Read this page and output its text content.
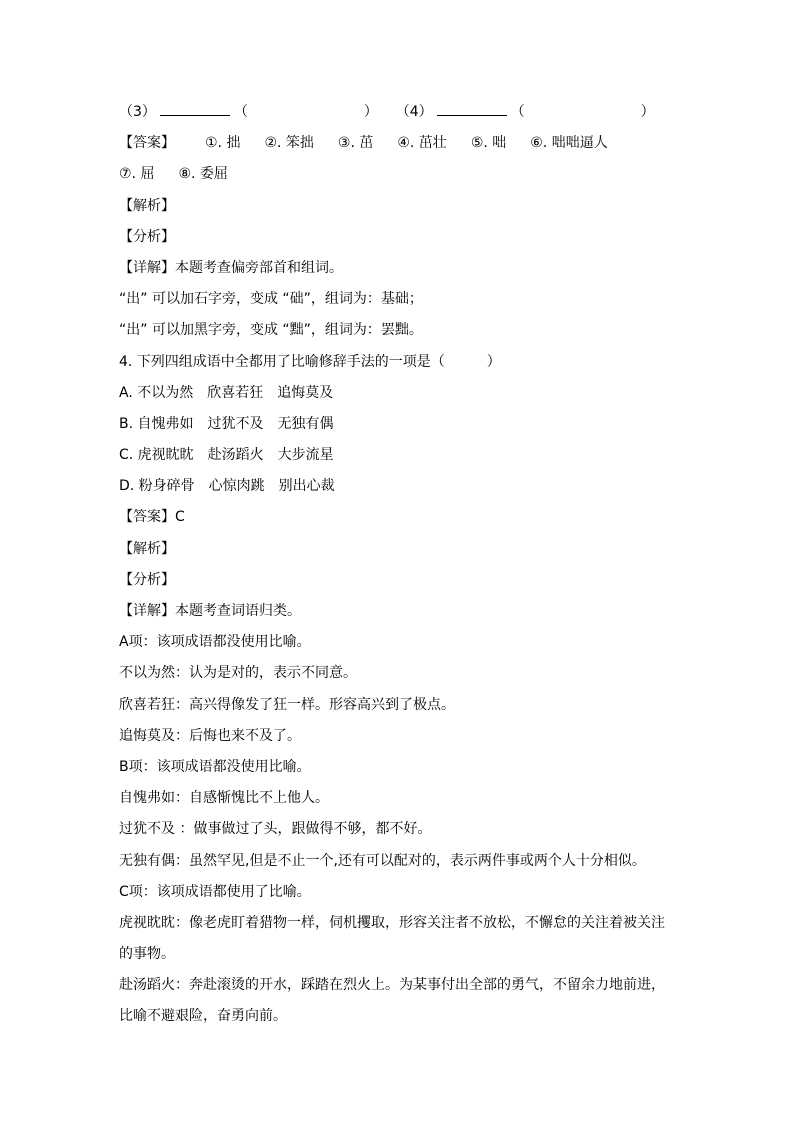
（3）	（	） （4）	（	）
【答案】 ①. 拙 ②. 笨拙 ③. 茁 ④. 茁壮 ⑤. 咄 ⑥. 咄咄逼人
⑦. 屈 ⑧. 委屈
【解析】
【分析】
【详解】本题考查偏旁部首和组词。
“出” 可以加石字旁，变成 “础”，组词为：基础；
“出” 可以加黑字旁，变成 “黜”，组词为：罢黜。
4. 下列四组成语中全都用了比喻修辞手法的一项是（　　　）
A. 不以为然　欣喜若狂　追悔莫及
B. 自愧弗如　过犹不及　无独有偶
C. 虎视眈眈　赴汤蹈火　大步流星
D. 粉身碎骨　心惊肉跳　别出心裁
【答案】C
【解析】
【分析】
【详解】本题考查词语归类。
A项：该项成语都没使用比喻。
不以为然：认为是对的，表示不同意。
欣喜若狂：高兴得像发了狂一样。形容高兴到了极点。
追悔莫及：后悔也来不及了。
B项：该项成语都没使用比喻。
自愧弗如：自感惭愧比不上他人。
过犹不及 ：做事做过了头，跟做得不够，都不好。
无独有偶：虽然罕见,但是不止一个,还有可以配对的，表示两件事或两个人十分相似。
C项：该项成语都使用了比喻。
虎视眈眈：像老虎盯着猎物一样，伺机攫取，形容关注者不放松，不懈怠的关注着被关注
的事物。
赴汤蹈火：奔赴滚烫的开水，踩踏在烈火上。为某事付出全部的勇气，不留余力地前进，
比喻不避艰险，奋勇向前。
